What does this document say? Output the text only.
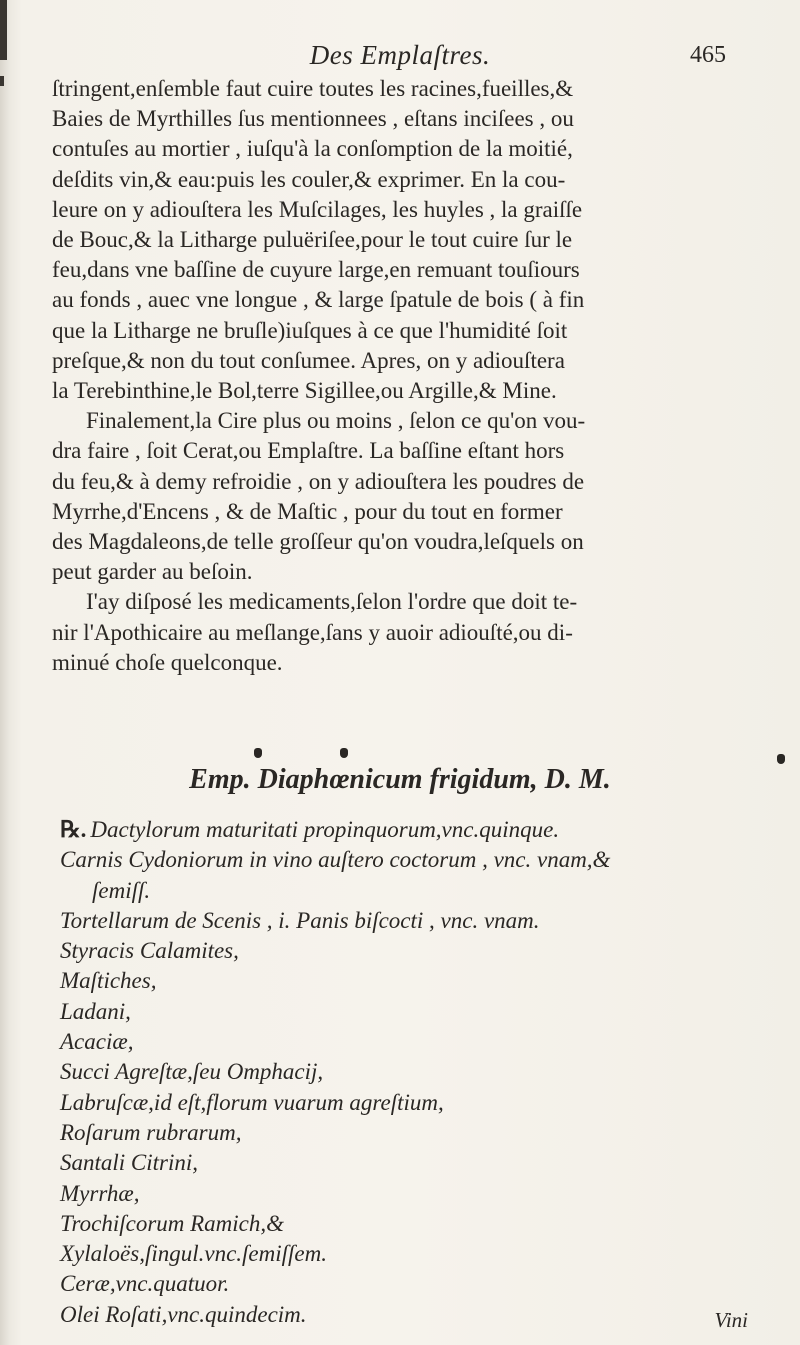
Des Emplaſtres.	465
ſtringent,enſemble faut cuire toutes les racines,fueilles,&
Baies de Myrthilles ſus mentionnees , eſtans inciſees , ou
contuſes au mortier , iuſqu'à la conſomption de la moitié,
deſdits vin,& eau:puis les couler,& exprimer. En la cou-
leure on y adiouſtera les Muſcilages, les huyles , la graiſſe
de Bouc,& la Litharge puluëriſee,pour le tout cuire ſur le
feu,dans vne baſſine de cuyure large,en remuant touſiours
au fonds , auec vne longue , & large ſpatule de bois ( à fin
que la Litharge ne bruſle)iuſques à ce que l'humidité ſoit
preſque,& non du tout conſumee. Apres, on y adiouſtera
la Terebinthine,le Bol,terre Sigillee,ou Argille,& Mine.
Finalement,la Cire plus ou moins , ſelon ce qu'on vou-
dra faire , ſoit Cerat,ou Emplaſtre. La baſſine eſtant hors
du feu,& à demy refroidie , on y adiouſtera les poudres de
Myrrhe,d'Encens , & de Maſtic , pour du tout en former
des Magdaleons,de telle groſſeur qu'on voudra,leſquels on
peut garder au beſoin.
I'ay diſposé les medicaments,ſelon l'ordre que doit te-
nir l'Apothicaire au meſlange,ſans y auoir adiouſté,ou di-
minué choſe quelconque.
Emp. Diaphœnicum frigidum, D. M.
℞. Dactylorum maturitati propinquorum,vnc.quinque.
Carnis Cydoniorum in vino auſtero coctorum , vnc. vnam,&
ſemiſſ.
Tortellarum de Scenis , i. Panis biſcocti , vnc. vnam.
Styracis Calamites,
Maſtiches,
Ladani,
Acaciæ,
Succi Agreſtæ,ſeu Omphacij,
Labruſcæ,id eſt,florum vuarum agreſtium,
Roſarum rubrarum,
Santali Citrini,
Myrrhæ,
Trochiſcorum Ramich,&
Xylaloës,ſingul.vnc.ſemiſſem.
Ceræ,vnc.quatuor.
Olei Roſati,vnc.quindecim.	Vini
